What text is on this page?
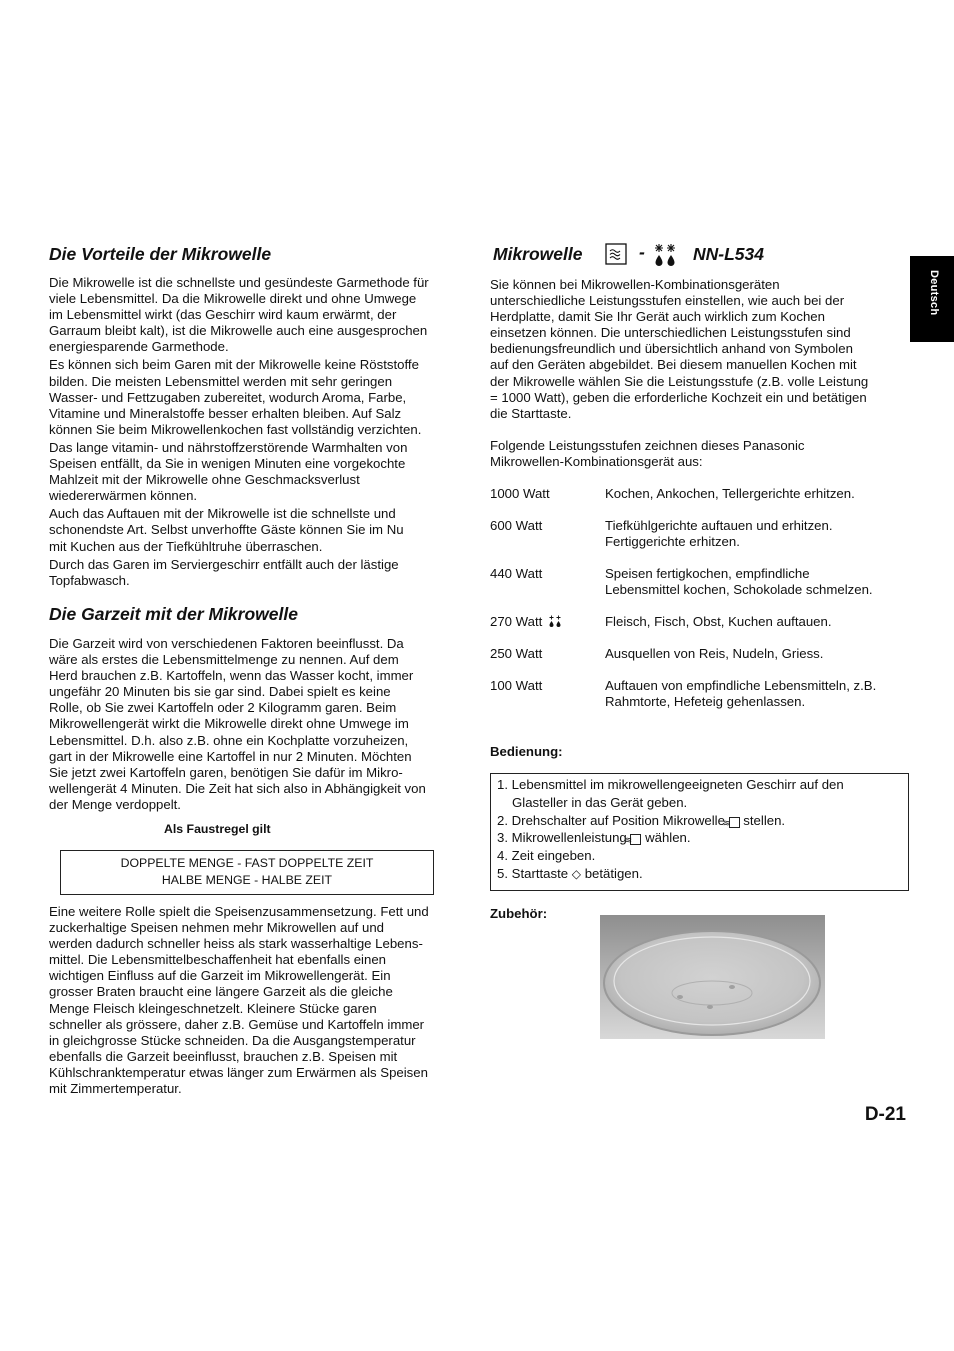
Deutsch
Die Vorteile der Mikrowelle
Die Mikrowelle ist die schnellste und gesündeste Garmethode für
viele Lebensmittel. Da die Mikrowelle direkt und ohne Umwege
im Lebensmittel wirkt (das Geschirr wird kaum erwärmt, der
Garraum bleibt kalt), ist die Mikrowelle auch eine ausgesprochen
energiesparende Garmethode.
Es können sich beim Garen mit der Mikrowelle keine Röststoffe
bilden. Die meisten Lebensmittel werden mit sehr geringen
Wasser- und Fettzugaben zubereitet, wodurch Aroma, Farbe,
Vitamine und Mineralstoffe besser erhalten bleiben. Auf Salz
können Sie beim Mikrowellenkochen fast vollständig verzichten.
Das lange vitamin- und nährstoffzerstörende Warmhalten von
Speisen entfällt, da Sie in wenigen Minuten eine vorgekochte
Mahlzeit mit der Mikrowelle ohne Geschmacksverlust
wiedererwärmen können.
Auch das Auftauen mit der Mikrowelle ist die schnellste und
schonendste Art. Selbst unverhoffte Gäste können Sie im Nu
mit Kuchen aus der Tiefkühltruhe überraschen.
Durch das Garen im Serviergeschirr entfällt auch der lästige
Topfabwasch.
Die Garzeit mit der Mikrowelle
Die Garzeit wird von verschiedenen Faktoren beeinflusst. Da
wäre als erstes die Lebensmittelmenge zu nennen. Auf dem
Herd brauchen z.B. Kartoffeln, wenn das Wasser kocht, immer
ungefähr 20 Minuten bis sie gar sind. Dabei spielt es keine
Rolle, ob Sie zwei Kartoffeln oder 2 Kilogramm garen. Beim
Mikrowellengerät wirkt die Mikrowelle direkt ohne Umwege im
Lebensmittel. D.h. also z.B. ohne ein Kochplatte vorzuheizen,
gart in der Mikrowelle eine Kartoffel in nur 2 Minuten. Möchten
Sie jetzt zwei Kartoffeln garen, benötigen Sie dafür im Mikro-
wellengerät 4 Minuten. Die Zeit hat sich also in Abhängigkeit von
der Menge verdoppelt.
Als Faustregel gilt
DOPPELTE MENGE - FAST DOPPELTE ZEIT
HALBE MENGE - HALBE ZEIT
Eine weitere Rolle spielt die Speisenzusammensetzung. Fett und
zuckerhaltige Speisen nehmen mehr Mikrowellen auf und
werden dadurch schneller heiss als stark wasserhaltige Lebens-
mittel. Die Lebensmittelbeschaffenheit hat ebenfalls einen
wichtigen Einfluss auf die Garzeit im Mikrowellengerät. Ein
grosser Braten braucht eine längere Garzeit als die gleiche
Menge Fleisch kleingeschnetzelt. Kleinere Stücke garen
schneller als grössere, daher z.B. Gemüse und Kartoffeln immer
in gleichgrosse Stücke schneiden. Da die Ausgangstemperatur
ebenfalls die Garzeit beeinflusst, brauchen z.B. Speisen mit
Kühlschranktemperatur etwas länger zum Erwärmen als Speisen
mit Zimmertemperatur.
Mikrowelle	-	NN-L534
Sie können bei Mikrowellen-Kombinationsgeräten
unterschiedliche Leistungsstufen einstellen, wie auch bei der
Herdplatte, damit Sie Ihr Gerät auch wirklich zum Kochen
einsetzen können. Die unterschiedlichen Leistungsstufen sind
bedienungsfreundlich und übersichtlich anhand von Symbolen
auf den Geräten abgebildet. Bei diesem manuellen Kochen mit
der Mikrowelle wählen Sie die Leistungsstufe (z.B. volle Leistung
= 1000 Watt), geben die erforderliche Kochzeit ein und betätigen
die Starttaste.
Folgende Leistungsstufen zeichnen dieses Panasonic
Mikrowellen-Kombinationsgerät aus:
1000 Watt	Kochen, Ankochen, Tellergerichte erhitzen.
600 Watt	Tiefkühlgerichte auftauen und erhitzen.
Fertiggerichte erhitzen.
440 Watt	Speisen fertigkochen, empfindliche
Lebensmittel kochen, Schokolade schmelzen.
270 Watt	Fleisch, Fisch, Obst, Kuchen auftauen.
250 Watt	Ausquellen von Reis, Nudeln, Griess.
100 Watt	Auftauen von empfindliche Lebensmitteln, z.B.
Rahmtorte, Hefeteig gehenlassen.
Bedienung:
1. Lebensmittel im mikrowellengeeigneten Geschirr auf den
Glasteller in das Gerät geben.
2. Drehschalter auf Position Mikrowelle ≋ stellen.
3. Mikrowellenleistung ≋ wählen.
4. Zeit eingeben.
5. Starttaste ◇ betätigen.
Zubehör:
D-21
